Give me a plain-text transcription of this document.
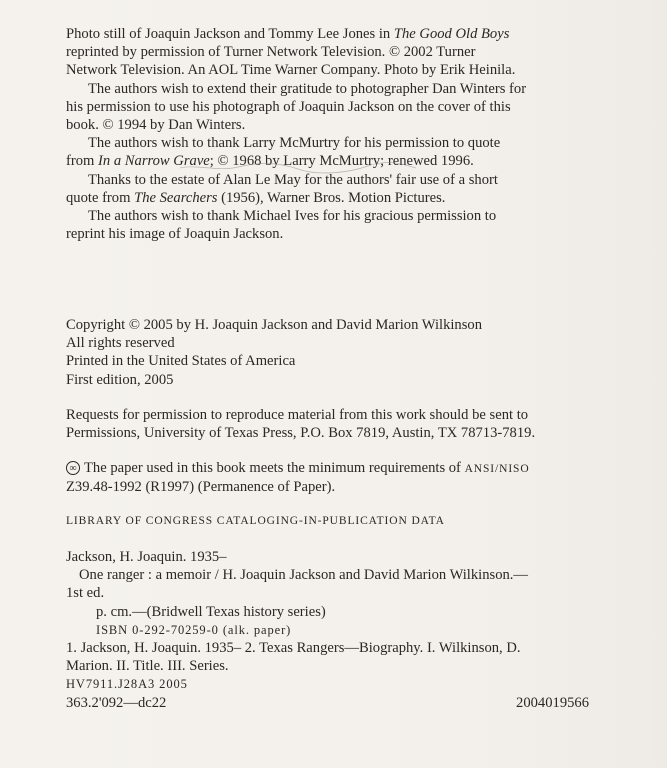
Photo still of Joaquin Jackson and Tommy Lee Jones in The Good Old Boys
reprinted by permission of Turner Network Television. © 2002 Turner
Network Television. An AOL Time Warner Company. Photo by Erik Heinila.
The authors wish to extend their gratitude to photographer Dan Winters for
his permission to use his photograph of Joaquin Jackson on the cover of this
book. © 1994 by Dan Winters.
The authors wish to thank Larry McMurtry for his permission to quote
from In a Narrow Grave; © 1968 by Larry McMurtry; renewed 1996.
Thanks to the estate of Alan Le May for the authors' fair use of a short
quote from The Searchers (1956), Warner Bros. Motion Pictures.
The authors wish to thank Michael Ives for his gracious permission to
reprint his image of Joaquin Jackson.
Copyright © 2005 by H. Joaquin Jackson and David Marion Wilkinson
All rights reserved
Printed in the United States of America
First edition, 2005
Requests for permission to reproduce material from this work should be sent to
Permissions, University of Texas Press, P.O. Box 7819, Austin, TX 78713-7819.
∞ The paper used in this book meets the minimum requirements of ANSI/NISO
Z39.48-1992 (R1997) (Permanence of Paper).
LIBRARY OF CONGRESS CATALOGING-IN-PUBLICATION DATA
Jackson, H. Joaquin. 1935–
One ranger : a memoir / H. Joaquin Jackson and David Marion Wilkinson.—
1st ed.
p. cm.—(Bridwell Texas history series)
ISBN 0-292-70259-0 (alk. paper)
1. Jackson, H. Joaquin. 1935– 2. Texas Rangers—Biography. I. Wilkinson, D.
Marion. II. Title. III. Series.
HV7911.J28A3 2005
363.2'092—dc22	2004019566
